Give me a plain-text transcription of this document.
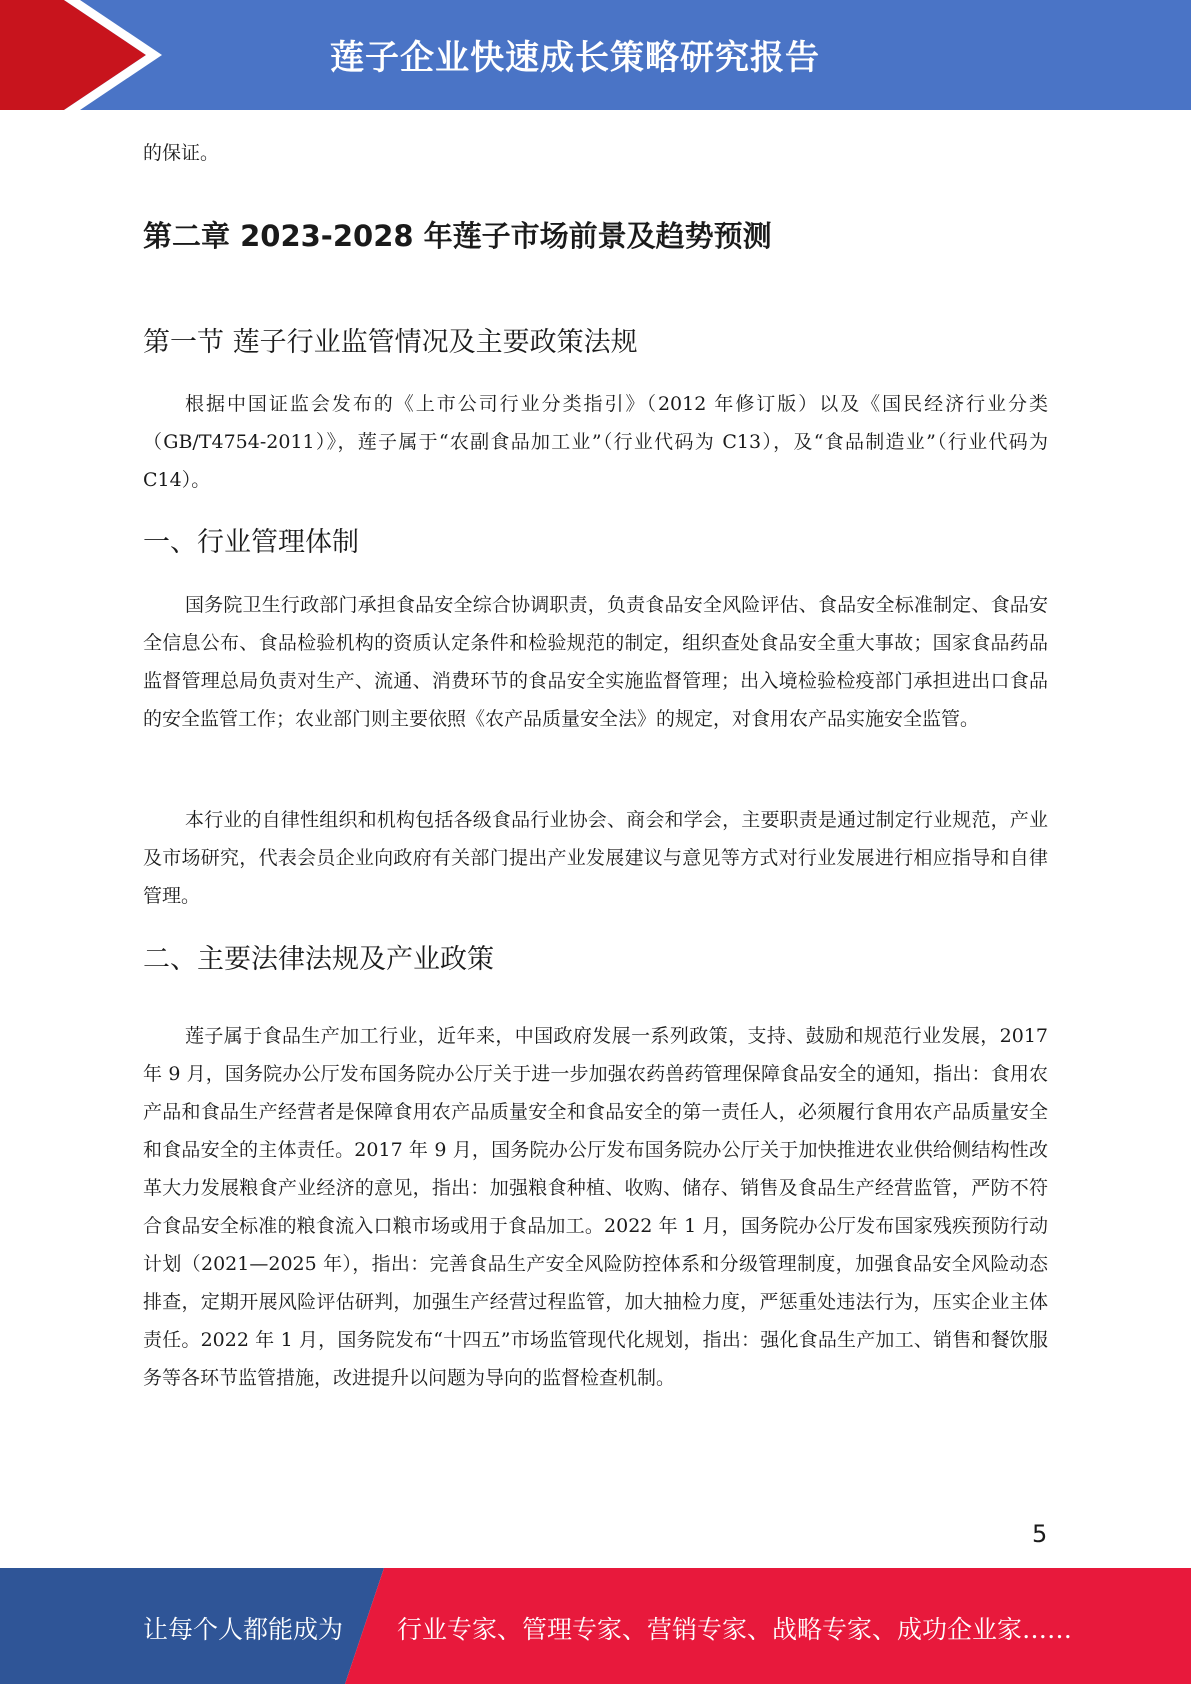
莲子企业快速成长策略研究报告
的保证。
第二章 2023-2028 年莲子市场前景及趋势预测
第一节 莲子行业监管情况及主要政策法规
根据中国证监会发布的《上市公司行业分类指引》（2012 年修订版）以及《国民经济行业分类（GB/T4754-2011）》，莲子属于“农副食品加工业”（行业代码为 C13），及“食品制造业”（行业代码为 C14）。
一、行业管理体制
国务院卫生行政部门承担食品安全综合协调职责，负责食品安全风险评估、食品安全标准制定、食品安全信息公布、食品检验机构的资质认定条件和检验规范的制定，组织查处食品安全重大事故；国家食品药品监督管理总局负责对生产、流通、消费环节的食品安全实施监督管理；出入境检验检疫部门承担进出口食品的安全监管工作；农业部门则主要依照《农产品质量安全法》的规定，对食用农产品实施安全监管。
本行业的自律性组织和机构包括各级食品行业协会、商会和学会，主要职责是通过制定行业规范，产业及市场研究，代表会员企业向政府有关部门提出产业发展建议与意见等方式对行业发展进行相应指导和自律管理。
二、主要法律法规及产业政策
莲子属于食品生产加工行业，近年来，中国政府发展一系列政策，支持、鼓励和规范行业发展，2017 年 9 月，国务院办公厅发布国务院办公厅关于进一步加强农药兽药管理保障食品安全的通知，指出：食用农产品和食品生产经营者是保障食用农产品质量安全和食品安全的第一责任人，必须履行食用农产品质量安全和食品安全的主体责任。2017 年 9 月，国务院办公厅发布国务院办公厅关于加快推进农业供给侧结构性改革大力发展粮食产业经济的意见，指出：加强粮食种植、收购、储存、销售及食品生产经营监管，严防不符合食品安全标准的粮食流入口粮市场或用于食品加工。2022 年 1 月，国务院办公厅发布国家残疾预防行动计划（2021—2025 年），指出：完善食品生产安全风险防控体系和分级管理制度，加强食品安全风险动态排查，定期开展风险评估研判，加强生产经营过程监管，加大抽检力度，严惩重处违法行为，压实企业主体责任。2022 年 1 月，国务院发布“十四五”市场监管现代化规划，指出：强化食品生产加工、销售和餐饮服务等各环节监管措施，改进提升以问题为导向的监督检查机制。
5
让每个人都能成为 行业专家、管理专家、营销专家、战略专家、成功企业家……
